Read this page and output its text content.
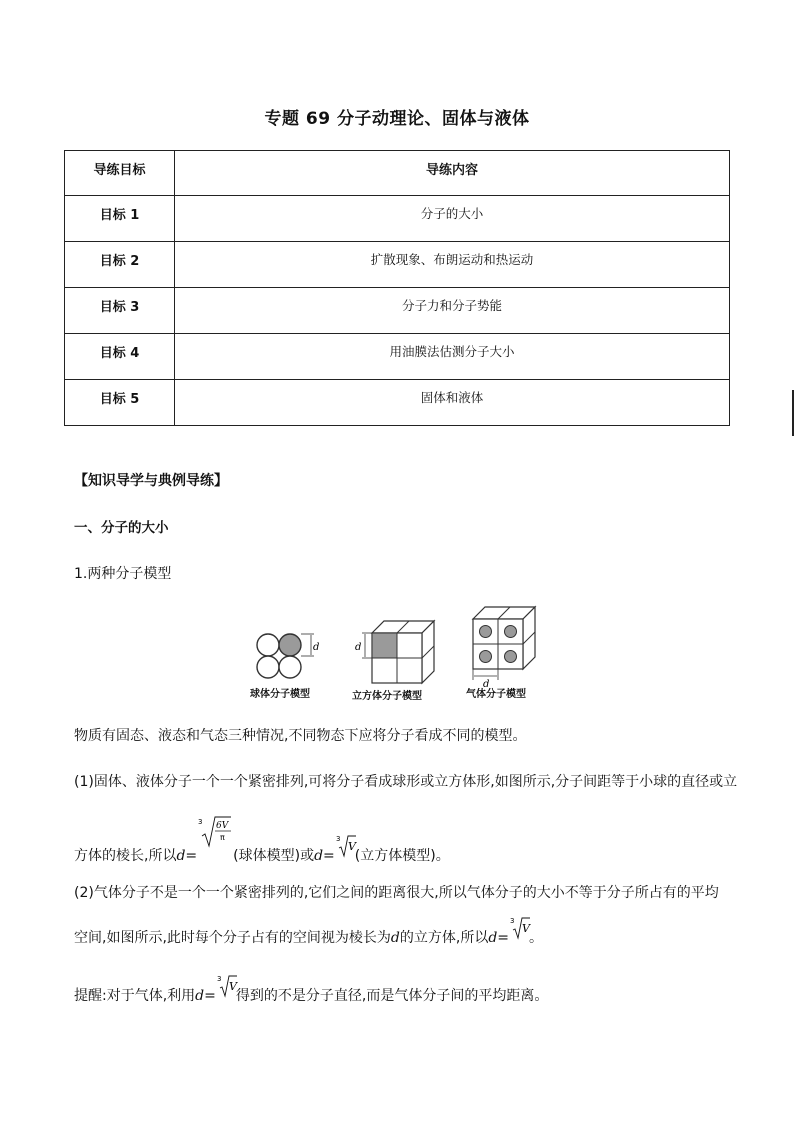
专题 69 分子动理论、固体与液体
导练目标	导练内容
目标 1	分子的大小
目标 2	扩散现象、布朗运动和热运动
目标 3	分子力和分子势能
目标 4	用油膜法估测分子大小
目标 5	固体和液体
【知识导学与典例导练】
一、分子的大小
1.两种分子模型
d	d
d
球体分子模型	立方体分子模型	气体分子模型
物质有固态、液态和气态三种情况,不同物态下应将分子看成不同的模型。
(1)固体、液体分子一个一个紧密排列,可将分子看成球形或立方体形,如图所示,分子间距等于小球的直径或立
方体的棱长,所以d=
3 6V
π
(球体模型)或d=
3
V
(立方体模型)。
(2)气体分子不是一个一个紧密排列的,它们之间的距离很大,所以气体分子的大小不等于分子所占有的平均
空间,如图所示,此时每个分子占有的空间视为棱长为d的立方体,所以d=
3
V
。
提醒:对于气体,利用d=
3
V
得到的不是分子直径,而是气体分子间的平均距离。
